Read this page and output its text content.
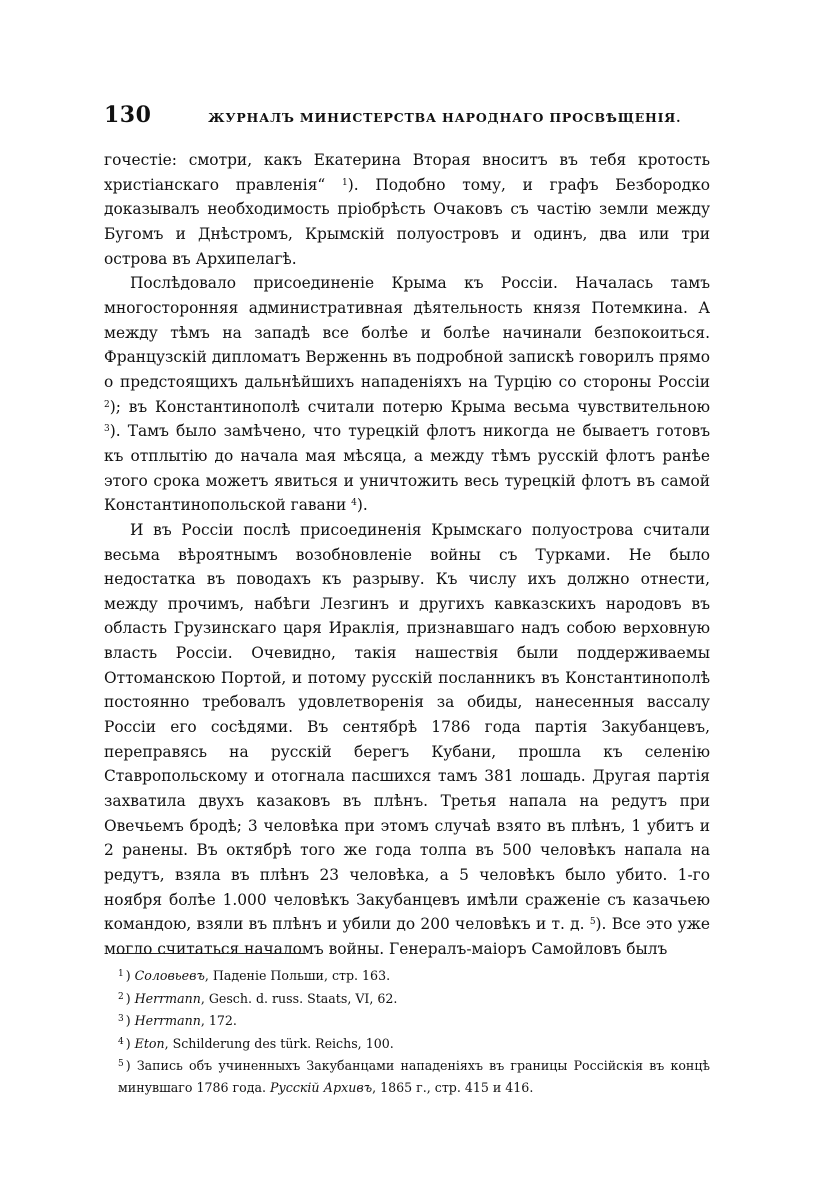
130	ЖУРНАЛЪ МИНИСТЕРСТВА НАРОДНАГО ПРОСВѢЩЕНІЯ.

гочестіе: смотри, какъ Екатерина Вторая вноситъ въ тебя кротость христіанскаго правленія“ $^1$). Подобно тому, и графъ Безбородко доказывалъ необходимость пріобрѣсть Очаковъ съ частію земли между Бугомъ и Днѣстромъ, Крымскій полуостровъ и одинъ, два или три острова въ Архипелагѣ.

Послѣдовало присоединеніе Крыма къ Россіи. Началась тамъ многосторонняя административная дѣятельность князя Потемкина. А между тѣмъ на западѣ все болѣе и болѣе начинали безпокоиться. Французскій дипломатъ Верженнь въ подробной запискѣ говорилъ прямо о предстоящихъ дальнѣйшихъ нападеніяхъ на Турцію со стороны Россіи $^2$); въ Константинополѣ считали потерю Крыма весьма чувствительною $^3$). Тамъ было замѣчено, что турецкій флотъ никогда не бываетъ готовъ къ отплытію до начала мая мѣсяца, а между тѣмъ русскій флотъ ранѣе этого срока можетъ явиться и уничтожить весь турецкій флотъ въ самой Константинопольской гавани $^4$).

И въ Россіи послѣ присоединенія Крымскаго полуострова считали весьма вѣроятнымъ возобновленіе войны съ Турками. Не было недостатка въ поводахъ къ разрыву. Къ числу ихъ должно отнести, между прочимъ, набѣги Лезгинъ и другихъ кавказскихъ народовъ въ область Грузинскаго царя Ираклія, признавшаго надъ собою верховную власть Россіи. Очевидно, такія нашествія были поддерживаемы Оттоманскою Портой, и потому русскій посланникъ въ Константинополѣ постоянно требовалъ удовлетворенія за обиды, нанесенныя вассалу Россіи его сосѣдями. Въ сентябрѣ 1786 года партія Закубанцевъ, переправясь на русскій берегъ Кубани, прошла къ селенію Ставропольскому и отогнала пасшихся тамъ 381 лошадь. Другая партія захватила двухъ казаковъ въ плѣнъ. Третья напала на редутъ при Овечьемъ бродѣ; 3 человѣка при этомъ случаѣ взято въ плѣнъ, 1 убитъ и 2 ранены. Въ октябрѣ того же года толпа въ 500 человѣкъ напала на редутъ, взяла въ плѣнъ 23 человѣка, а 5 человѣкъ было убито. 1-го ноября болѣе 1.000 человѣкъ Закубанцевъ имѣли сраженіе съ казачьею командою, взяли въ плѣнъ и убили до 200 человѣкъ и т. д. $^5$). Все это уже могло считаться началомъ войны. Генералъ-маіоръ Самойловъ былъ

$^1$ ) Соловьевъ, Паденіе Польши, стр. 163.

$^2$ ) Herrmann, Gesch. d. russ. Staats, VI, 62.

$^3$ ) Herrmann, 172.

$^4$ ) Eton, Schilderung des türk. Reichs, 100.

$^5$ ) Запись объ учиненныхъ Закубанцами нападеніяхъ въ границы Россійскія въ концѣ минувшаго 1786 года. Русскій Архивъ, 1865 г., стр. 415 и 416.
